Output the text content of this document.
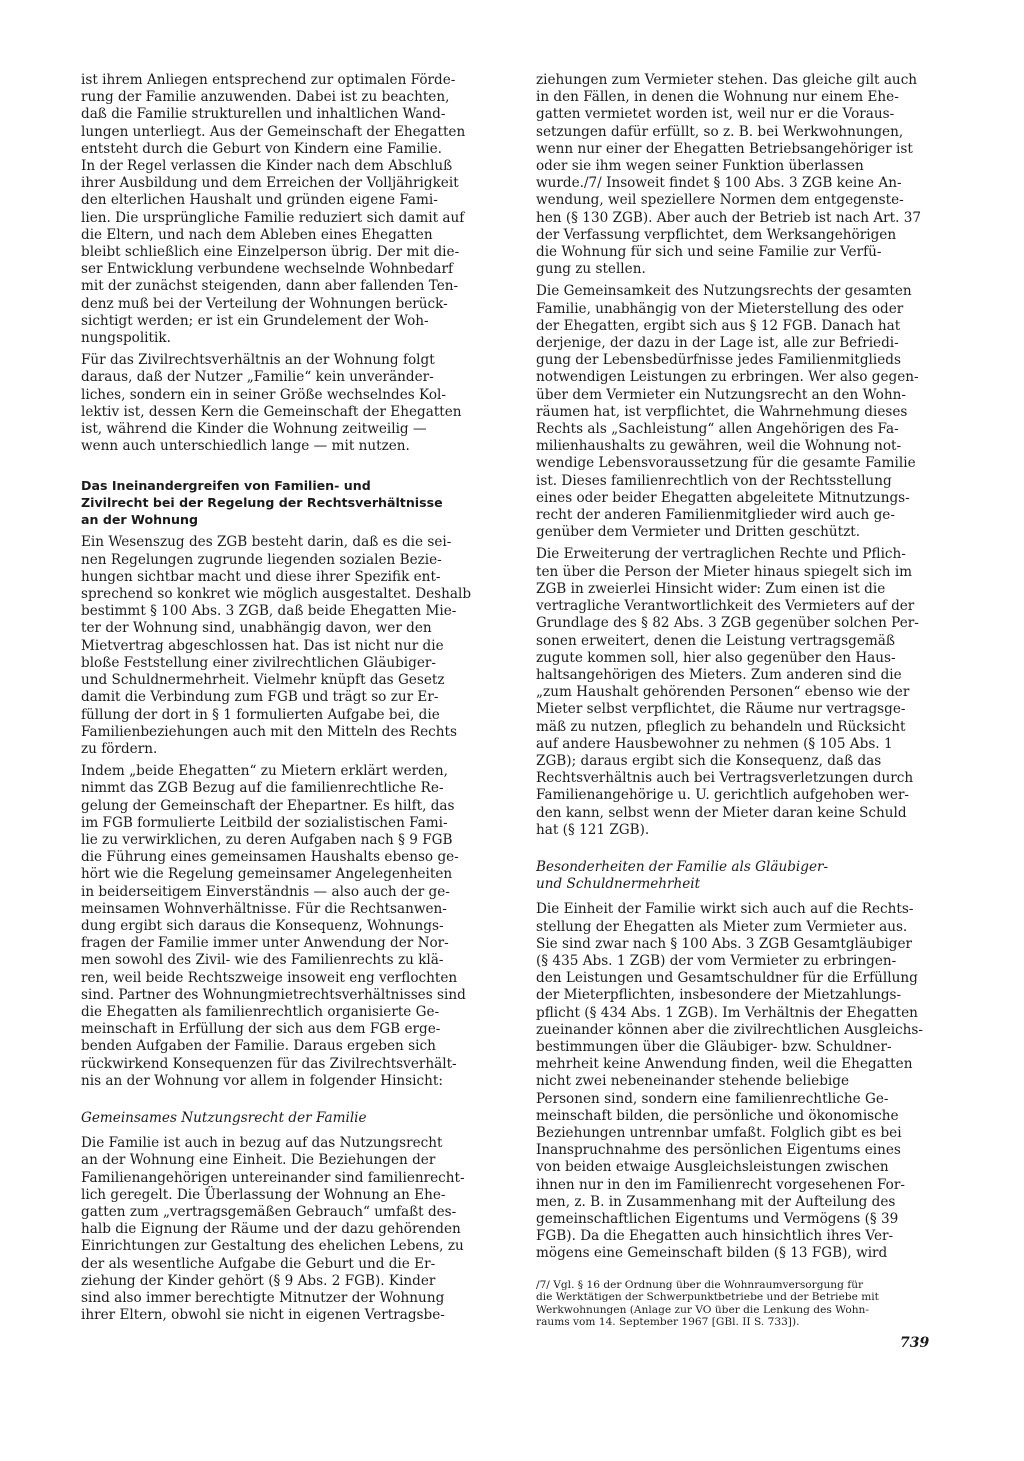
ist ihrem Anliegen entsprechend zur optimalen Förde-
rung der Familie anzuwenden. Dabei ist zu beachten,
daß die Familie strukturellen und inhaltlichen Wand-
lungen unterliegt. Aus der Gemeinschaft der Ehegatten
entsteht durch die Geburt von Kindern eine Familie.
In der Regel verlassen die Kinder nach dem Abschluß
ihrer Ausbildung und dem Erreichen der Volljährigkeit
den elterlichen Haushalt und gründen eigene Fami-
lien. Die ursprüngliche Familie reduziert sich damit auf
die Eltern, und nach dem Ableben eines Ehegatten
bleibt schließlich eine Einzelperson übrig. Der mit die-
ser Entwicklung verbundene wechselnde Wohnbedarf
mit der zunächst steigenden, dann aber fallenden Ten-
denz muß bei der Verteilung der Wohnungen berück-
sichtigt werden; er ist ein Grundelement der Woh-
nungspolitik.
Für das Zivilrechtsverhältnis an der Wohnung folgt
daraus, daß der Nutzer „Familie“ kein unveränder-
liches, sondern ein in seiner Größe wechselndes Kol-
lektiv ist, dessen Kern die Gemeinschaft der Ehegatten
ist, während die Kinder die Wohnung zeitweilig —
wenn auch unterschiedlich lange — mit nutzen.
Das Ineinandergreifen von Familien- und
Zivilrecht bei der Regelung der Rechtsverhältnisse
an der Wohnung
Ein Wesenszug des ZGB besteht darin, daß es die sei-
nen Regelungen zugrunde liegenden sozialen Bezie-
hungen sichtbar macht und diese ihrer Spezifik ent-
sprechend so konkret wie möglich ausgestaltet. Deshalb
bestimmt § 100 Abs. 3 ZGB, daß beide Ehegatten Mie-
ter der Wohnung sind, unabhängig davon, wer den
Mietvertrag abgeschlossen hat. Das ist nicht nur die
bloße Feststellung einer zivilrechtlichen Gläubiger-
und Schuldnermehrheit. Vielmehr knüpft das Gesetz
damit die Verbindung zum FGB und trägt so zur Er-
füllung der dort in § 1 formulierten Aufgabe bei, die
Familienbeziehungen auch mit den Mitteln des Rechts
zu fördern.
Indem „beide Ehegatten“ zu Mietern erklärt werden,
nimmt das ZGB Bezug auf die familienrechtliche Re-
gelung der Gemeinschaft der Ehepartner. Es hilft, das
im FGB formulierte Leitbild der sozialistischen Fami-
lie zu verwirklichen, zu deren Aufgaben nach § 9 FGB
die Führung eines gemeinsamen Haushalts ebenso ge-
hört wie die Regelung gemeinsamer Angelegenheiten
in beiderseitigem Einverständnis — also auch der ge-
meinsamen Wohnverhältnisse. Für die Rechtsanwen-
dung ergibt sich daraus die Konsequenz, Wohnungs-
fragen der Familie immer unter Anwendung der Nor-
men sowohl des Zivil- wie des Familienrechts zu klä-
ren, weil beide Rechtszweige insoweit eng verflochten
sind. Partner des Wohnungmietrechtsverhältnisses sind
die Ehegatten als familienrechtlich organisierte Ge-
meinschaft in Erfüllung der sich aus dem FGB erge-
benden Aufgaben der Familie. Daraus ergeben sich
rückwirkend Konsequenzen für das Zivilrechtsverhält-
nis an der Wohnung vor allem in folgender Hinsicht:
Gemeinsames Nutzungsrecht der Familie
Die Familie ist auch in bezug auf das Nutzungsrecht
an der Wohnung eine Einheit. Die Beziehungen der
Familienangehörigen untereinander sind familienrecht-
lich geregelt. Die Überlassung der Wohnung an Ehe-
gatten zum „vertragsgemäßen Gebrauch“ umfaßt des-
halb die Eignung der Räume und der dazu gehörenden
Einrichtungen zur Gestaltung des ehelichen Lebens, zu
der als wesentliche Aufgabe die Geburt und die Er-
ziehung der Kinder gehört (§ 9 Abs. 2 FGB). Kinder
sind also immer berechtigte Mitnutzer der Wohnung
ihrer Eltern, obwohl sie nicht in eigenen Vertragsbe-
ziehungen zum Vermieter stehen. Das gleiche gilt auch
in den Fällen, in denen die Wohnung nur einem Ehe-
gatten vermietet worden ist, weil nur er die Voraus-
setzungen dafür erfüllt, so z. B. bei Werkwohnungen,
wenn nur einer der Ehegatten Betriebsangehöriger ist
oder sie ihm wegen seiner Funktion überlassen
wurde./7/ Insoweit findet § 100 Abs. 3 ZGB keine An-
wendung, weil speziellere Normen dem entgegenste-
hen (§ 130 ZGB). Aber auch der Betrieb ist nach Art. 37
der Verfassung verpflichtet, dem Werksangehörigen
die Wohnung für sich und seine Familie zur Verfü-
gung zu stellen.
Die Gemeinsamkeit des Nutzungsrechts der gesamten
Familie, unabhängig von der Mieterstellung des oder
der Ehegatten, ergibt sich aus § 12 FGB. Danach hat
derjenige, der dazu in der Lage ist, alle zur Befriedi-
gung der Lebensbedürfnisse jedes Familienmitglieds
notwendigen Leistungen zu erbringen. Wer also gegen-
über dem Vermieter ein Nutzungsrecht an den Wohn-
räumen hat, ist verpflichtet, die Wahrnehmung dieses
Rechts als „Sachleistung“ allen Angehörigen des Fa-
milienhaushalts zu gewähren, weil die Wohnung not-
wendige Lebensvoraussetzung für die gesamte Familie
ist. Dieses familienrechtlich von der Rechtsstellung
eines oder beider Ehegatten abgeleitete Mitnutzungs-
recht der anderen Familienmitglieder wird auch ge-
genüber dem Vermieter und Dritten geschützt.
Die Erweiterung der vertraglichen Rechte und Pflich-
ten über die Person der Mieter hinaus spiegelt sich im
ZGB in zweierlei Hinsicht wider: Zum einen ist die
vertragliche Verantwortlichkeit des Vermieters auf der
Grundlage des § 82 Abs. 3 ZGB gegenüber solchen Per-
sonen erweitert, denen die Leistung vertragsgemäß
zugute kommen soll, hier also gegenüber den Haus-
haltsangehörigen des Mieters. Zum anderen sind die
„zum Haushalt gehörenden Personen“ ebenso wie der
Mieter selbst verpflichtet, die Räume nur vertragsge-
mäß zu nutzen, pfleglich zu behandeln und Rücksicht
auf andere Hausbewohner zu nehmen (§ 105 Abs. 1
ZGB); daraus ergibt sich die Konsequenz, daß das
Rechtsverhältnis auch bei Vertragsverletzungen durch
Familienangehörige u. U. gerichtlich aufgehoben wer-
den kann, selbst wenn der Mieter daran keine Schuld
hat (§ 121 ZGB).
Besonderheiten der Familie als Gläubiger-
und Schuldnermehrheit
Die Einheit der Familie wirkt sich auch auf die Rechts-
stellung der Ehegatten als Mieter zum Vermieter aus.
Sie sind zwar nach § 100 Abs. 3 ZGB Gesamtgläubiger
(§ 435 Abs. 1 ZGB) der vom Vermieter zu erbringen-
den Leistungen und Gesamtschuldner für die Erfüllung
der Mieterpflichten, insbesondere der Mietzahlungs-
pflicht (§ 434 Abs. 1 ZGB). Im Verhältnis der Ehegatten
zueinander können aber die zivilrechtlichen Ausgleichs-
bestimmungen über die Gläubiger- bzw. Schuldner-
mehrheit keine Anwendung finden, weil die Ehegatten
nicht zwei nebeneinander stehende beliebige
Personen sind, sondern eine familienrechtliche Ge-
meinschaft bilden, die persönliche und ökonomische
Beziehungen untrennbar umfaßt. Folglich gibt es bei
Inanspruchnahme des persönlichen Eigentums eines
von beiden etwaige Ausgleichsleistungen zwischen
ihnen nur in den im Familienrecht vorgesehenen For-
men, z. B. in Zusammenhang mit der Aufteilung des
gemeinschaftlichen Eigentums und Vermögens (§ 39
FGB). Da die Ehegatten auch hinsichtlich ihres Ver-
mögens eine Gemeinschaft bilden (§ 13 FGB), wird
/7/ Vgl. § 16 der Ordnung über die Wohnraumversorgung für
die Werktätigen der Schwerpunktbetriebe und der Betriebe mit
Werkwohnungen (Anlage zur VO über die Lenkung des Wohn-
raums vom 14. September 1967 [GBl. II S. 733]).
739
